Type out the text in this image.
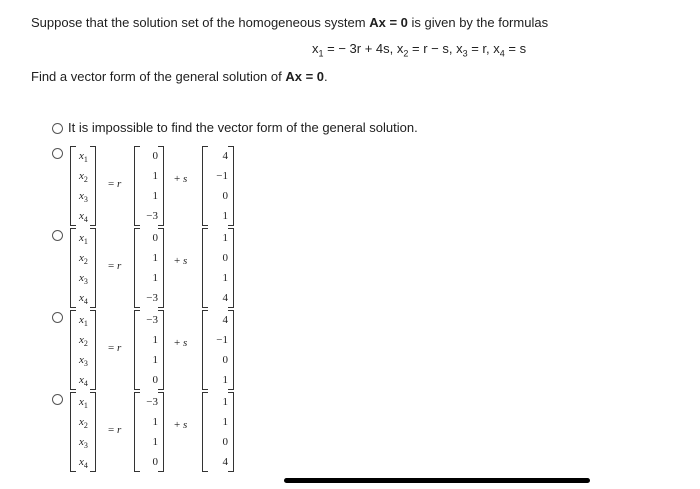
Suppose that the solution set of the homogeneous system Ax = 0 is given by the formulas
$x_1$ = − 3r + 4s, $x_2 = r - s$, $x_3 = r$, $x_4 = s$
Find a vector form of the general solution of Ax = 0.
It is impossible to find the vector form of the general solution.
$x_1$
$x_2$
$x_3$
$x_4$
= r
0
1
1
−3
+ s
4
−1
0
1
$x_1$
$x_2$
$x_3$
$x_4$
= r
0
1
1
−3
+ s
1
0
1
4
$x_1$
$x_2$
$x_3$
$x_4$
= r
−3
1
1
0
+ s
4
−1
0
1
$x_1$
$x_2$
$x_3$
$x_4$
= r
−3
1
1
0
+ s
1
1
0
4
